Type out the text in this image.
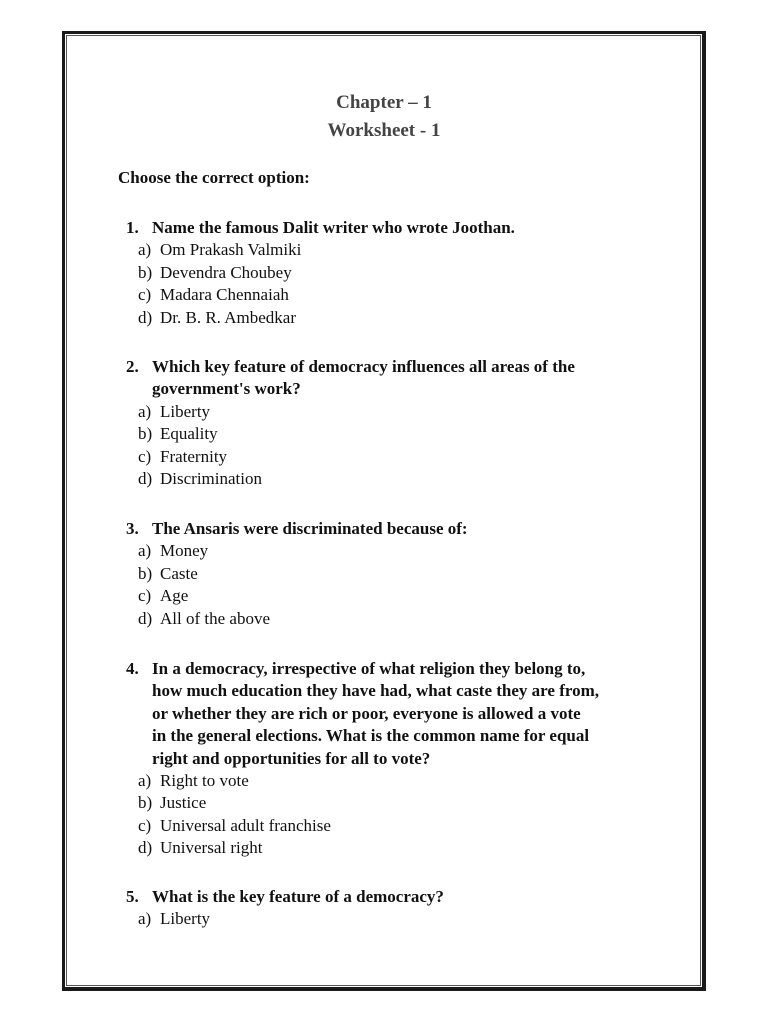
Chapter – 1
Worksheet - 1
Choose the correct option:
1. Name the famous Dalit writer who wrote Joothan.
a) Om Prakash Valmiki
b) Devendra Choubey
c) Madara Chennaiah
d) Dr. B. R. Ambedkar
2. Which key feature of democracy influences all areas of the
government's work?
a) Liberty
b) Equality
c) Fraternity
d) Discrimination
3. The Ansaris were discriminated because of:
a) Money
b) Caste
c) Age
d) All of the above
4. In a democracy, irrespective of what religion they belong to,
how much education they have had, what caste they are from,
or whether they are rich or poor, everyone is allowed a vote
in the general elections. What is the common name for equal
right and opportunities for all to vote?
a) Right to vote
b) Justice
c) Universal adult franchise
d) Universal right
5. What is the key feature of a democracy?
a) Liberty
